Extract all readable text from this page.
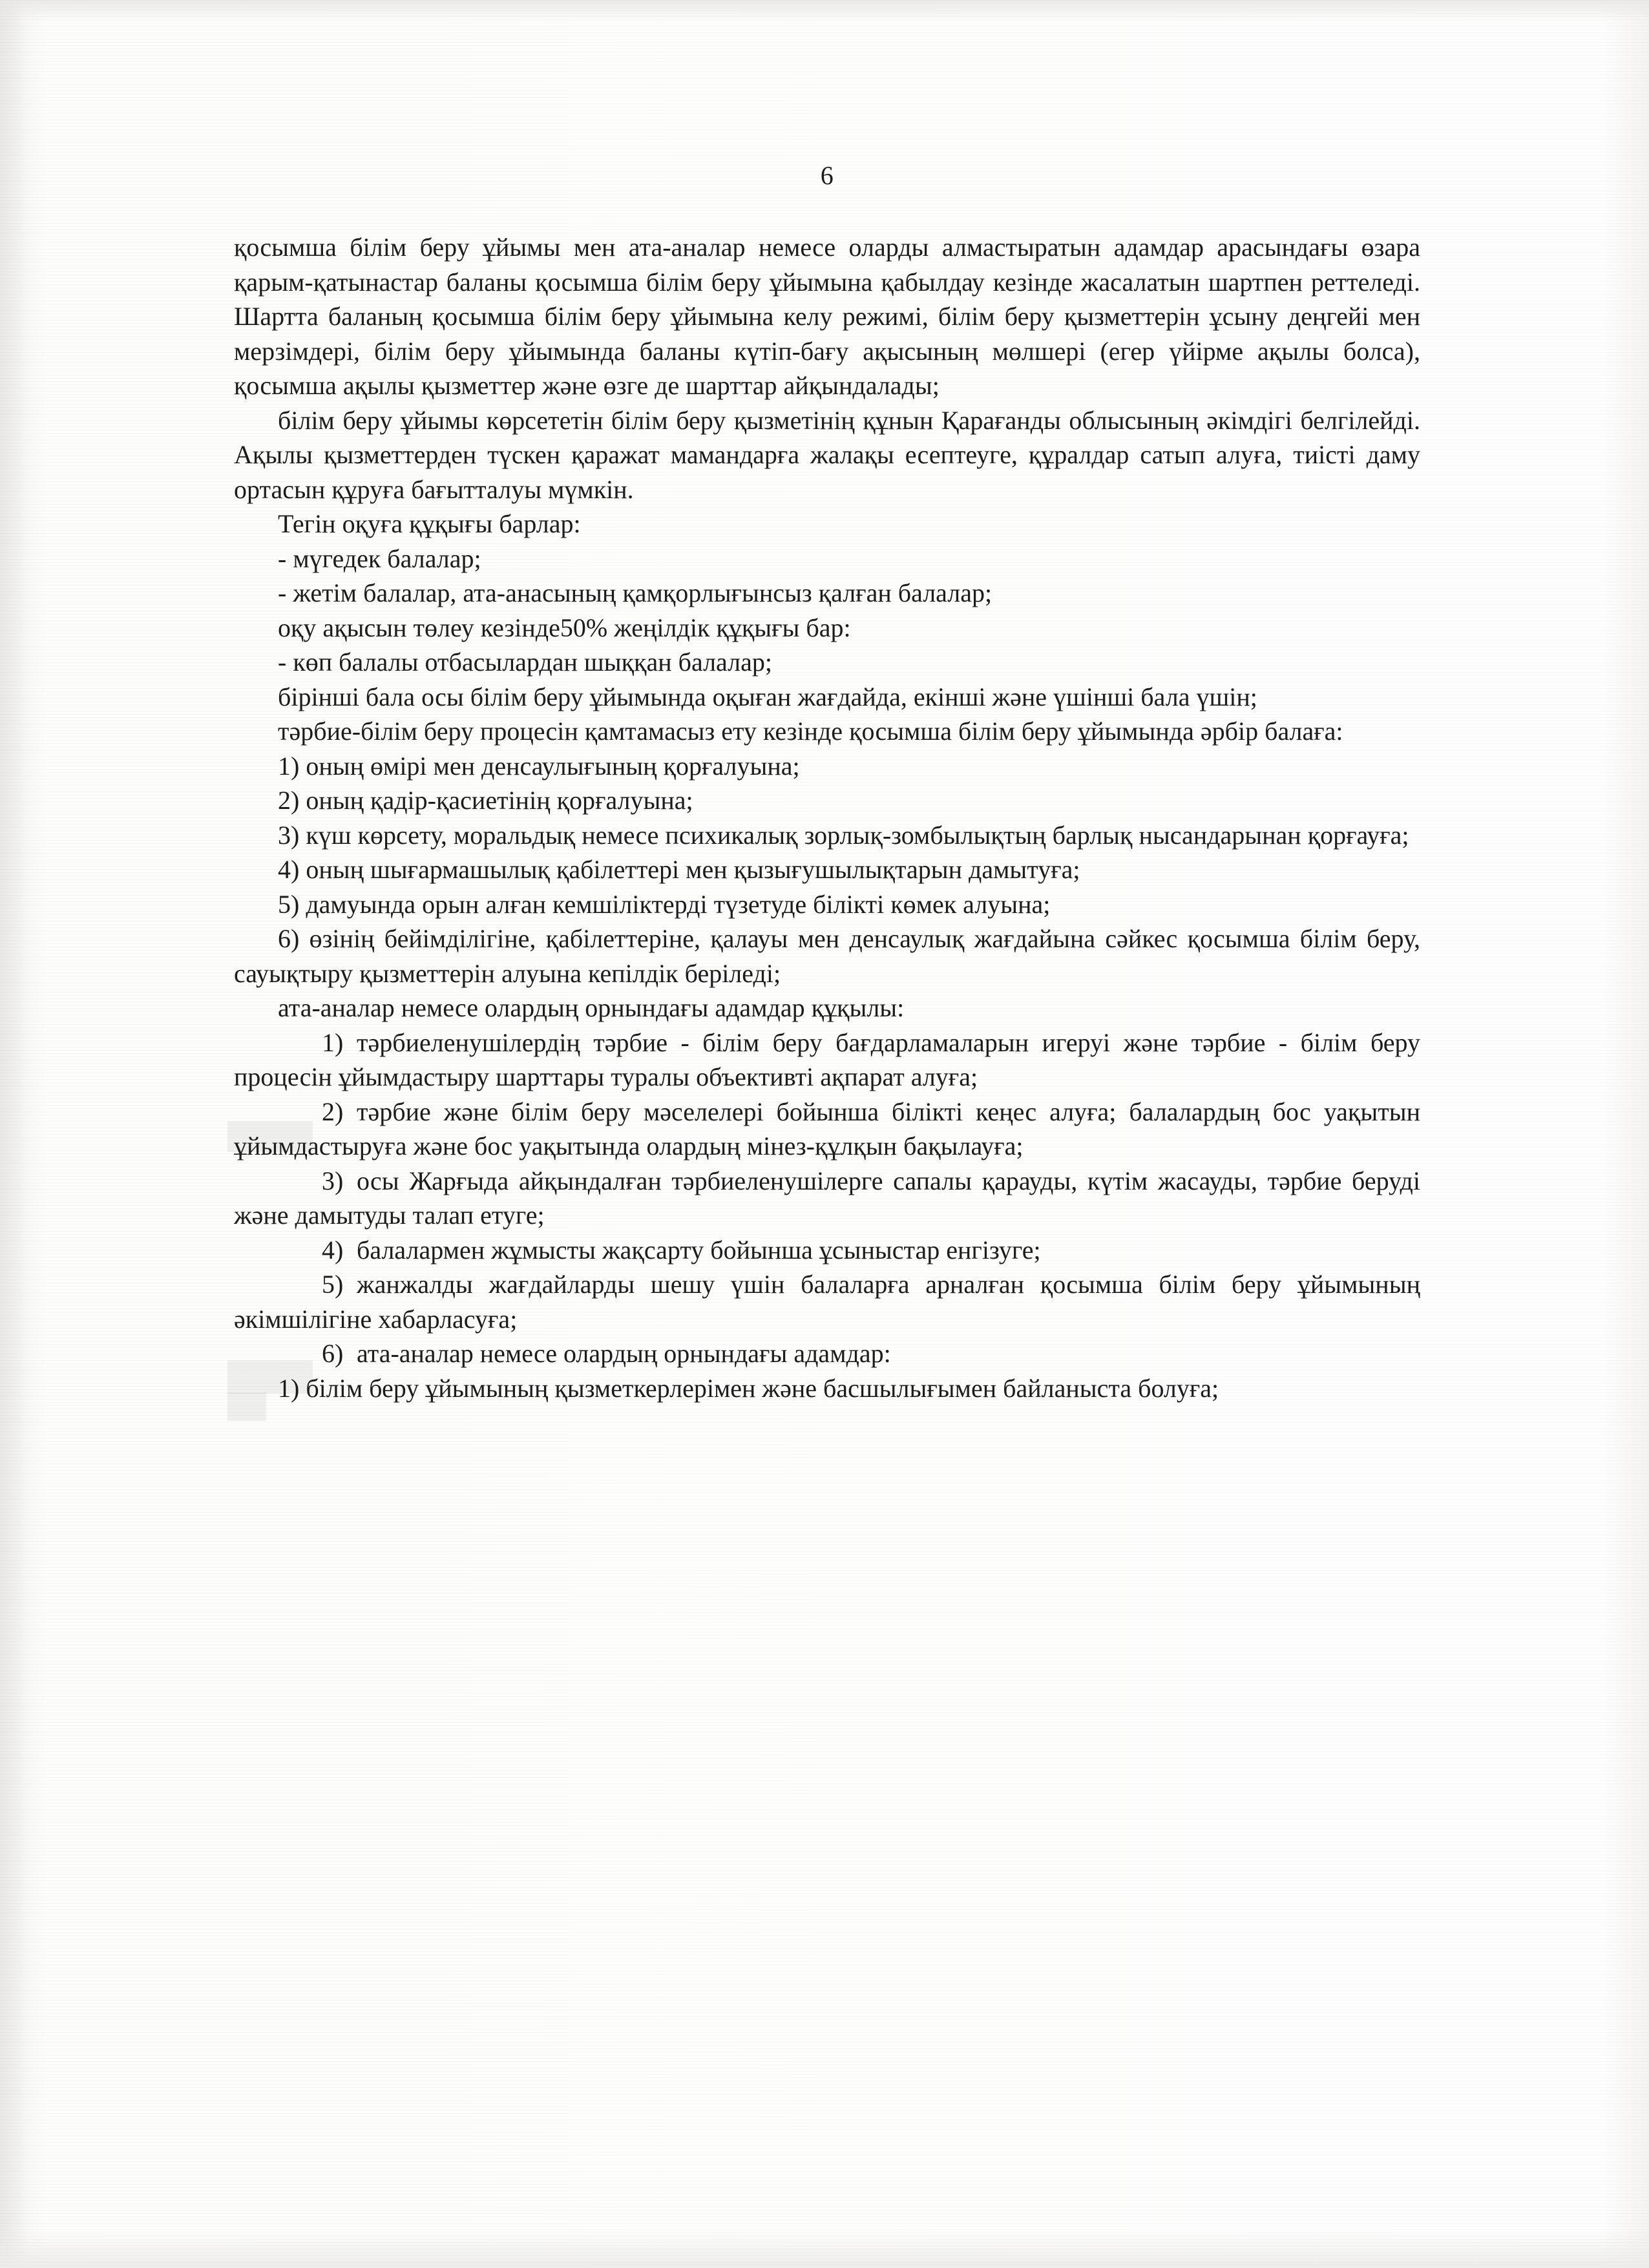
6

қосымша білім беру ұйымы мен ата-аналар немесе оларды алмастыратын адамдар арасындағы өзара қарым-қатынастар баланы қосымша білім беру ұйымына қабылдау кезінде жасалатын шартпен реттеледі. Шартта баланың қосымша білім беру ұйымына келу режимі, білім беру қызметтерін ұсыну деңгейі мен мерзімдері, білім беру ұйымында баланы күтіп-бағу ақысының мөлшері (егер үйірме ақылы болса), қосымша ақылы қызметтер және өзге де шарттар айқындалады;

білім беру ұйымы көрсететін білім беру қызметінің құнын Қарағанды облысының әкімдігі белгілейді. Ақылы қызметтерден түскен қаражат мамандарға жалақы есептеуге, құралдар сатып алуға, тиісті даму ортасын құруға бағытталуы мүмкін.

Тегін оқуға құқығы барлар:

- мүгедек балалар;

- жетім балалар, ата-анасының қамқорлығынсыз қалған балалар;

оқу ақысын төлеу кезінде50% жеңілдік құқығы бар:

- көп балалы отбасылардан шыққан балалар;

бірінші бала осы білім беру ұйымында оқыған жағдайда, екінші және үшінші бала үшін;

тәрбие-білім беру процесін қамтамасыз ету кезінде қосымша білім беру ұйымында әрбір балаға:

1) оның өмірі мен денсаулығының қорғалуына;

2) оның қадір-қасиетінің қорғалуына;

3) күш көрсету, моральдық немесе психикалық зорлық-зомбылықтың барлық нысандарынан қорғауға;

4) оның шығармашылық қабілеттері мен қызығушылықтарын дамытуға;

5) дамуында орын алған кемшіліктерді түзетуде білікті көмек алуына;

6) өзінің бейімділігіне, қабілеттеріне, қалауы мен денсаулық жағдайына сәйкес қосымша білім беру, сауықтыру қызметтерін алуына кепілдік беріледі;

ата-аналар немесе олардың орнындағы адамдар құқылы:

1) тәрбиеленушілердің тәрбие - білім беру бағдарламаларын игеруі және тәрбие - білім беру процесін ұйымдастыру шарттары туралы объективті ақпарат алуға;

2) тәрбие және білім беру мәселелері бойынша білікті кеңес алуға; балалардың бос уақытын ұйымдастыруға және бос уақытында олардың мінез-құлқын бақылауға;

3) осы Жарғыда айқындалған тәрбиеленушілерге сапалы қарауды, күтім жасауды, тәрбие беруді және дамытуды талап етуге;

4) балалармен жұмысты жақсарту бойынша ұсыныстар енгізуге;

5) жанжалды жағдайларды шешу үшін балаларға арналған қосымша білім беру ұйымының әкімшілігіне хабарласуға;

6) ата-аналар немесе олардың орнындағы адамдар:

1) білім беру ұйымының қызметкерлерімен және басшылығымен байланыста болуға;
